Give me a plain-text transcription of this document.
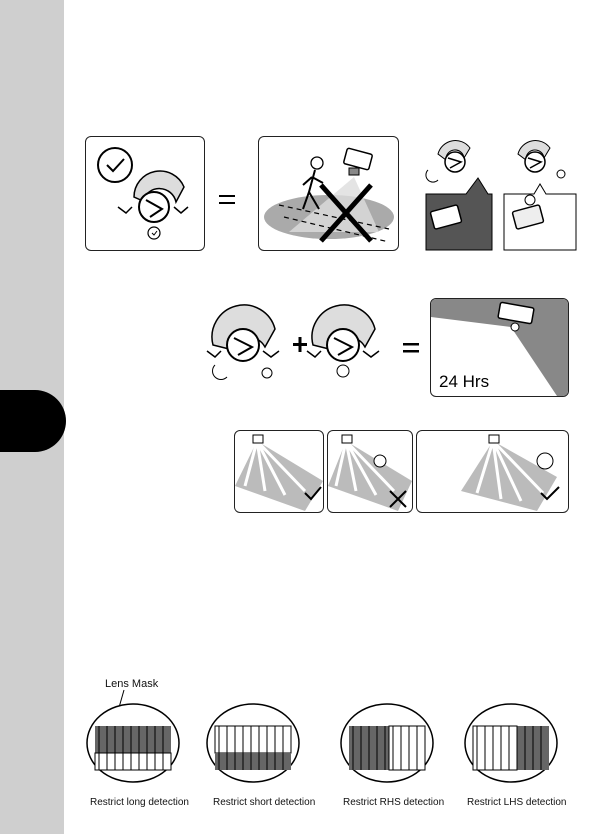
24 Hrs
Lens Mask
Restrict long detection Restrict short detection	Restrict RHS detection Restrict LHS detection
